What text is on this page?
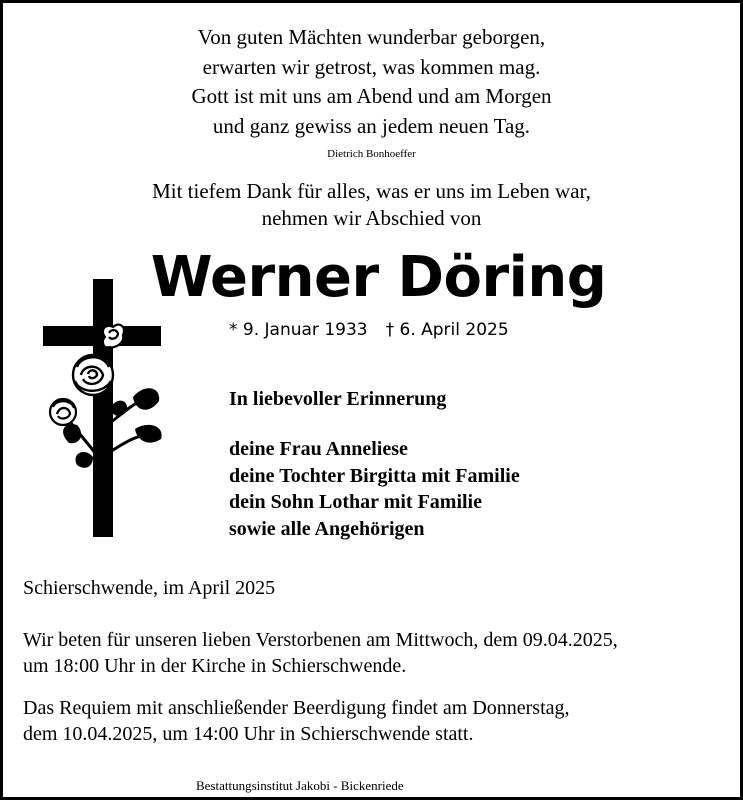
Von guten Mächten wunderbar geborgen,
erwarten wir getrost, was kommen mag.
Gott ist mit uns am Abend und am Morgen
und ganz gewiss an jedem neuen Tag.
Dietrich Bonhoeffer
Mit tiefem Dank für alles, was er uns im Leben war,
nehmen wir Abschied von
Werner Döring
* 9. Januar 1933 † 6. April 2025
In liebevoller Erinnerung
deine Frau Anneliese
deine Tochter Birgitta mit Familie
dein Sohn Lothar mit Familie
sowie alle Angehörigen
Schierschwende, im April 2025
Wir beten für unseren lieben Verstorbenen am Mittwoch, dem 09.04.2025,
um 18:00 Uhr in der Kirche in Schierschwende.
Das Requiem mit anschließender Beerdigung findet am Donnerstag,
dem 10.04.2025, um 14:00 Uhr in Schierschwende statt.
Bestattungsinstitut Jakobi - Bickenriede
